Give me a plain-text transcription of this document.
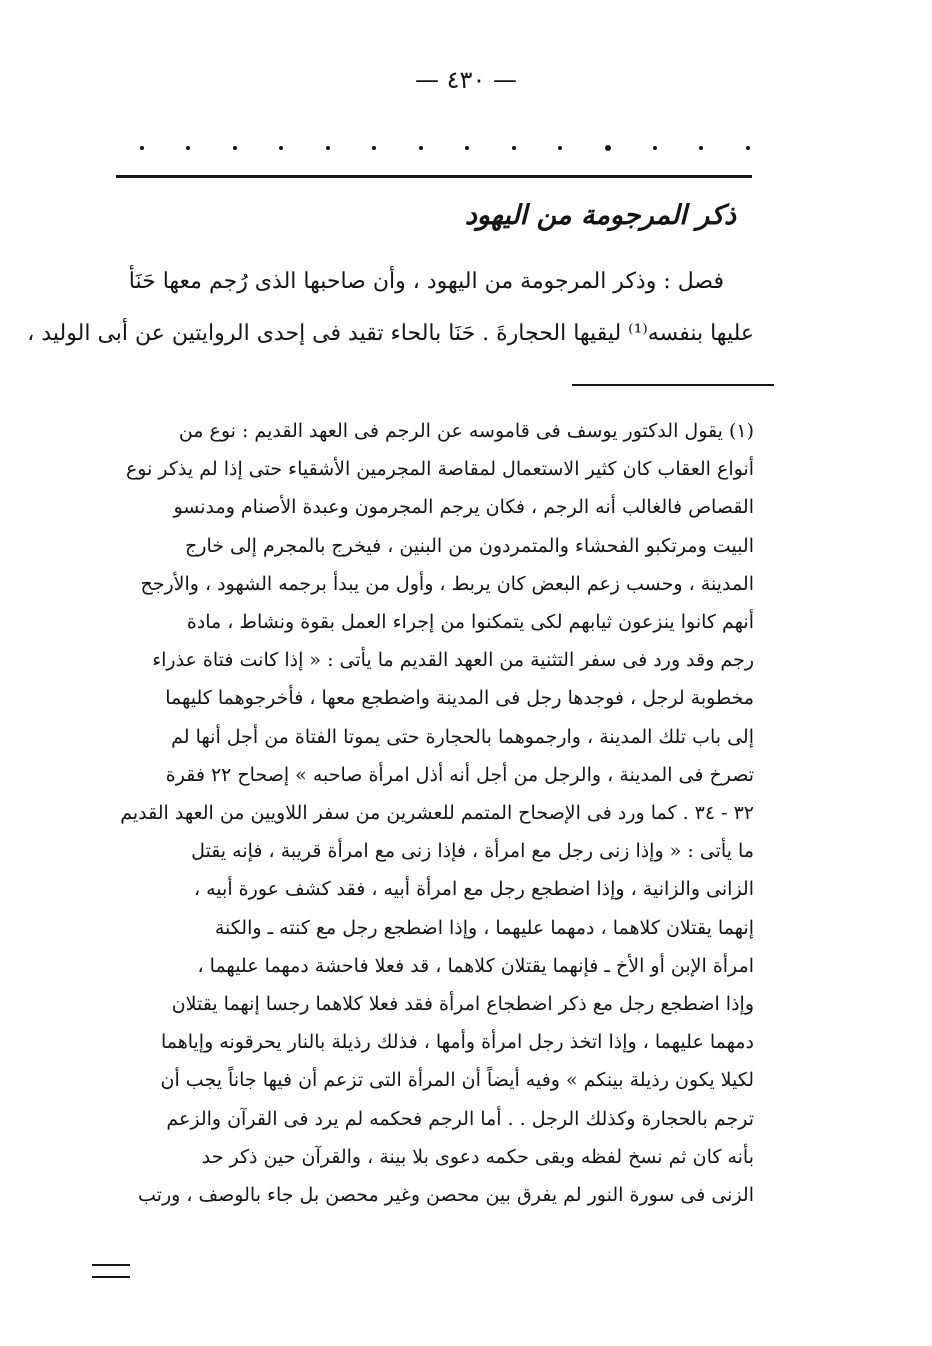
— ٤٣٠ —
ذكر المرجومة من اليهود
فصل : وذكر المرجومة من اليهود ، وأن صاحبها الذى رُجم معها حَنَأ
عليها بنفسه⁽¹⁾ ليقيها الحجارةَ . حَنَا بالحاء تقيد فى إحدى الروايتين عن أبى الوليد ،
(١) يقول الدكتور يوسف فى قاموسه عن الرجم فى العهد القديم : نوع من
أنواع العقاب كان كثير الاستعمال لمقاصة المجرمين الأشقياء حتى إذا لم يذكر نوع
القصاص فالغالب أنه الرجم ، فكان يرجم المجرمون وعبدة الأصنام ومدنسو
البيت ومرتكبو الفحشاء والمتمردون من البنين ، فيخرج بالمجرم إلى خارج
المدينة ، وحسب زعم البعض كان يربط ، وأول من يبدأ برجمه الشهود ، والأرجح
أنهم كانوا ينزعون ثيابهم لكى يتمكنوا من إجراء العمل بقوة ونشاط ، مادة
رجم وقد ورد فى سفر التثنية من العهد القديم ما يأتى : « إذا كانت فتاة عذراء
مخطوبة لرجل ، فوجدها رجل فى المدينة واضطجع معها ، فأخرجوهما كليهما
إلى باب تلك المدينة ، وارجموهما بالحجارة حتى يموتا الفتاة من أجل أنها لم
تصرخ فى المدينة ، والرجل من أجل أنه أذل امرأة صاحبه » إصحاح ٢٢ فقرة
٣٢ - ٣٤ . كما ورد فى الإصحاح المتمم للعشرين من سفر اللاويين من العهد القديم
ما يأتى : « وإذا زنى رجل مع امرأة ، فإذا زنى مع امرأة قريبة ، فإنه يقتل
الزانى والزانية ، وإذا اضطجع رجل مع امرأة أبيه ، فقد كشف عورة أبيه ،
إنهما يقتلان كلاهما ، دمهما عليهما ، وإذا اضطجع رجل مع كنته ـ والكنة
امرأة الإبن أو الأخ ـ فإنهما يقتلان كلاهما ، قد فعلا فاحشة دمهما عليهما ،
وإذا اضطجع رجل مع ذكر اضطجاع امرأة فقد فعلا كلاهما رجسا إنهما يقتلان
دمهما عليهما ، وإذا اتخذ رجل امرأة وأمها ، فذلك رذيلة بالنار يحرقونه وإياهما
لكيلا يكون رذيلة بينكم » وفيه أيضاً أن المرأة التى تزعم أن فيها جاناً يجب أن
ترجم بالحجارة وكذلك الرجل . . أما الرجم فحكمه لم يرد فى القرآن والزعم
بأنه كان ثم نسخ لفظه وبقى حكمه دعوى بلا بينة ، والقرآن حين ذكر حد
الزنى فى سورة النور لم يفرق بين محصن وغير محصن بل جاء بالوصف ، ورتب
